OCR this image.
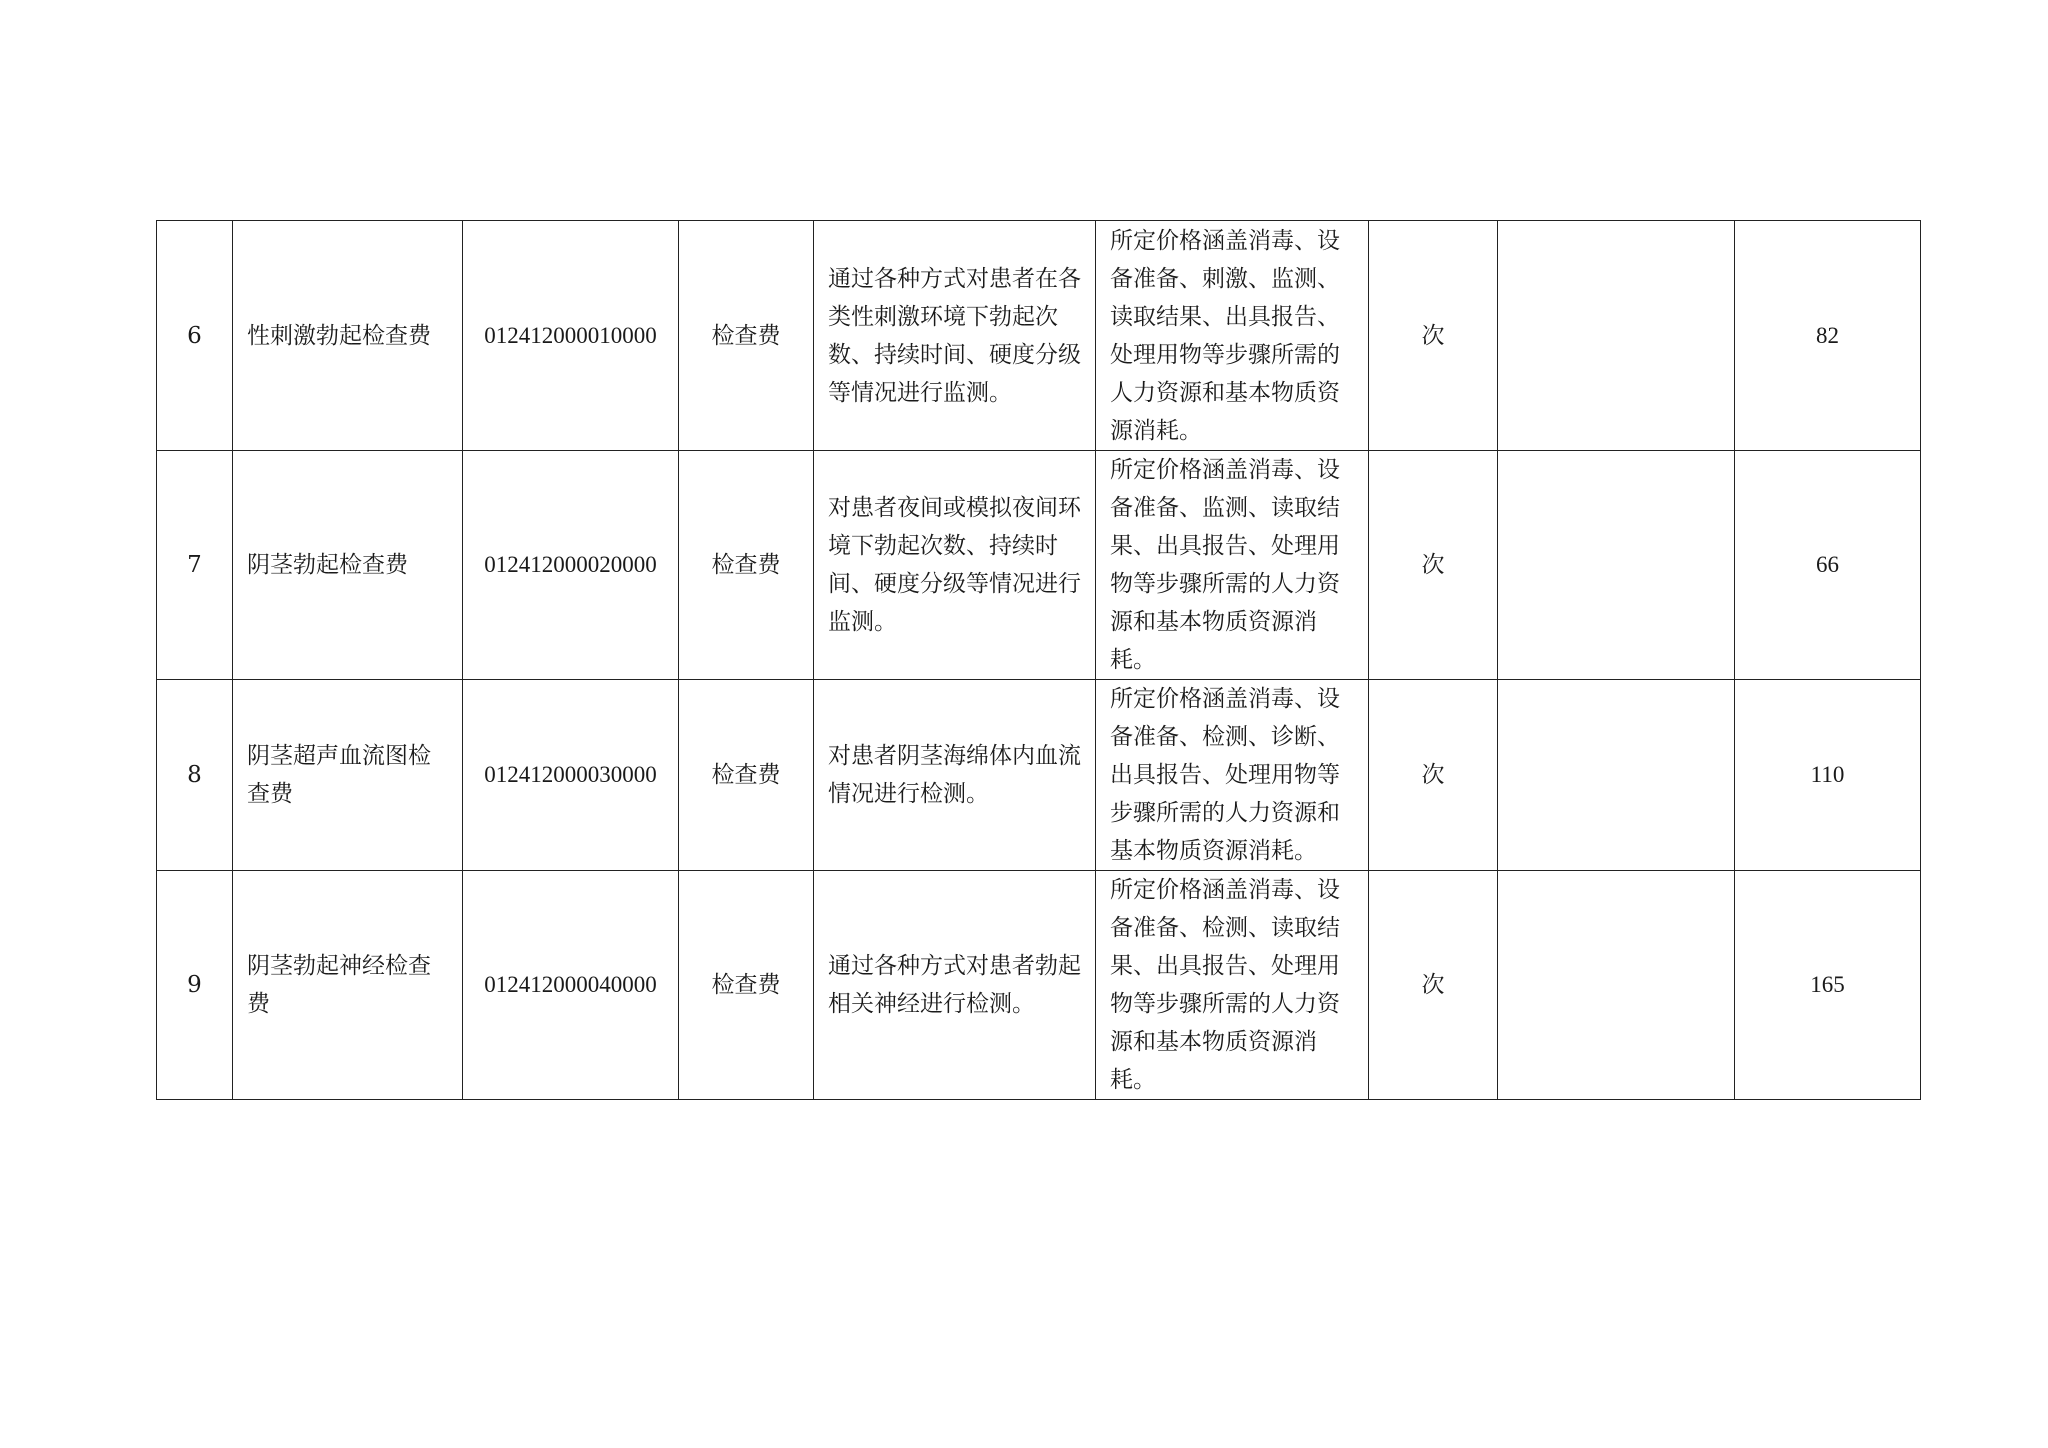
6	性刺激勃起检查费	012412000010000	检查费	通过各种方式对患者在各类性刺激环境下勃起次数、持续时间、硬度分级等情况进行监测。	所定价格涵盖消毒、设备准备、刺激、监测、读取结果、出具报告、处理用物等步骤所需的人力资源和基本物质资源消耗。	次		82
7	阴茎勃起检查费	012412000020000	检查费	对患者夜间或模拟夜间环境下勃起次数、持续时间、硬度分级等情况进行监测。	所定价格涵盖消毒、设备准备、监测、读取结果、出具报告、处理用物等步骤所需的人力资源和基本物质资源消耗。	次		66
8	阴茎超声血流图检查费	012412000030000	检查费	对患者阴茎海绵体内血流情况进行检测。	所定价格涵盖消毒、设备准备、检测、诊断、出具报告、处理用物等步骤所需的人力资源和基本物质资源消耗。	次		110
9	阴茎勃起神经检查费	012412000040000	检查费	通过各种方式对患者勃起相关神经进行检测。	所定价格涵盖消毒、设备准备、检测、读取结果、出具报告、处理用物等步骤所需的人力资源和基本物质资源消耗。	次		165
